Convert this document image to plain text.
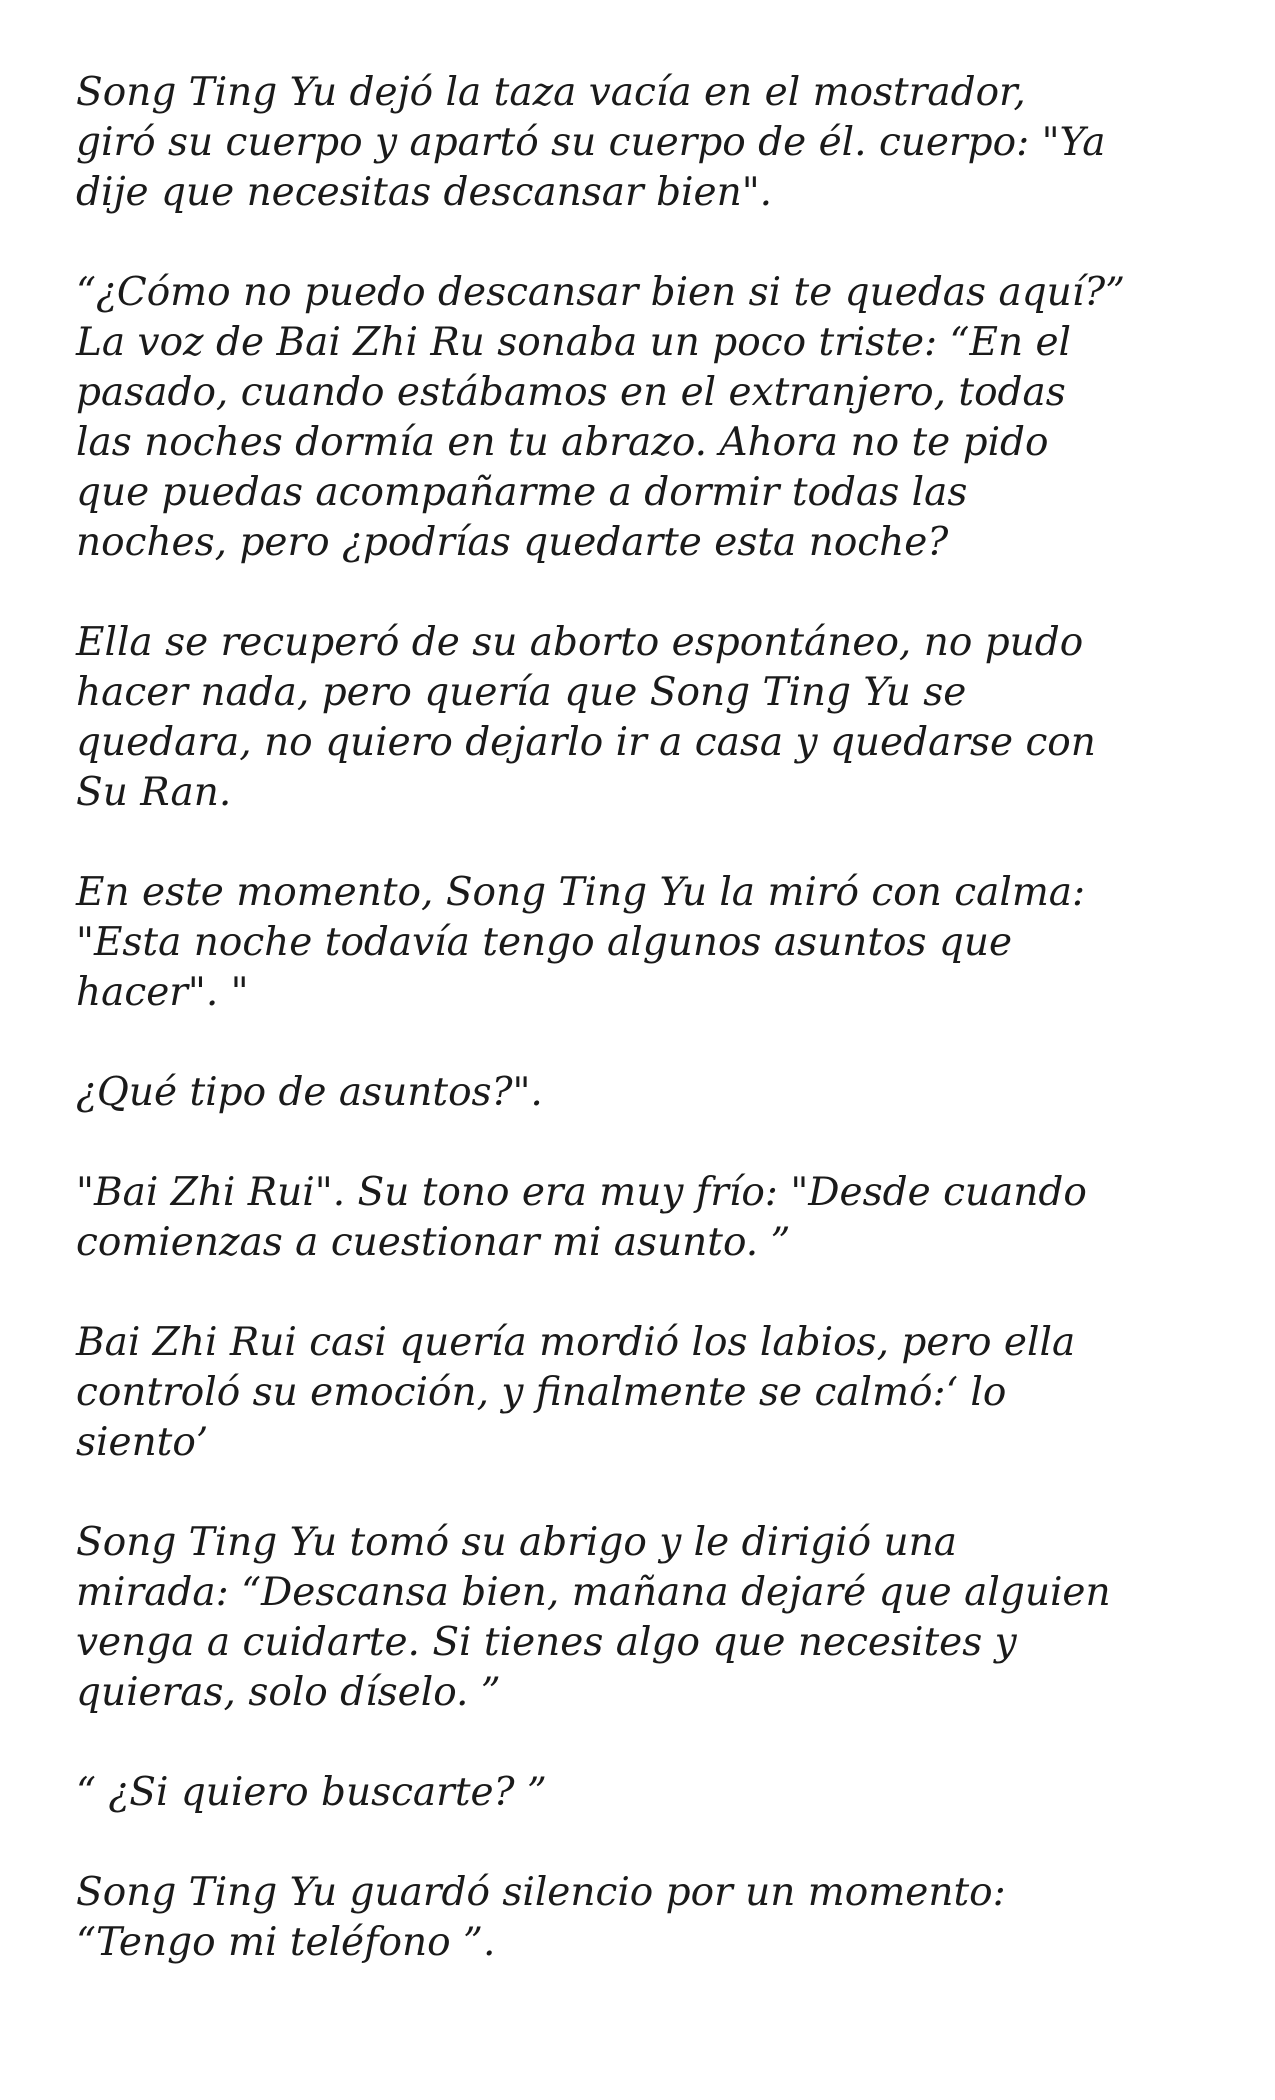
Song Ting Yu dejó la taza vacía en el mostrador,
giró su cuerpo y apartó su cuerpo de él. cuerpo: "Ya
dije que necesitas descansar bien".

“¿Cómo no puedo descansar bien si te quedas aquí?”
La voz de Bai Zhi Ru sonaba un poco triste: “En el
pasado, cuando estábamos en el extranjero, todas
las noches dormía en tu abrazo. Ahora no te pido
que puedas acompañarme a dormir todas las
noches, pero ¿podrías quedarte esta noche?

Ella se recuperó de su aborto espontáneo, no pudo
hacer nada, pero quería que Song Ting Yu se
quedara, no quiero dejarlo ir a casa y quedarse con
Su Ran.

En este momento, Song Ting Yu la miró con calma:
"Esta noche todavía tengo algunos asuntos que
hacer". "

¿Qué tipo de asuntos?".

"Bai Zhi Rui". Su tono era muy frío: "Desde cuando
comienzas a cuestionar mi asunto. ”

Bai Zhi Rui casi quería mordió los labios, pero ella
controló su emoción, y finalmente se calmó:‘ lo
siento’

Song Ting Yu tomó su abrigo y le dirigió una
mirada: “Descansa bien, mañana dejaré que alguien
venga a cuidarte. Si tienes algo que necesites y
quieras, solo díselo. ”

“ ¿Si quiero buscarte? ”

Song Ting Yu guardó silencio por un momento:
“Tengo mi teléfono ”.
